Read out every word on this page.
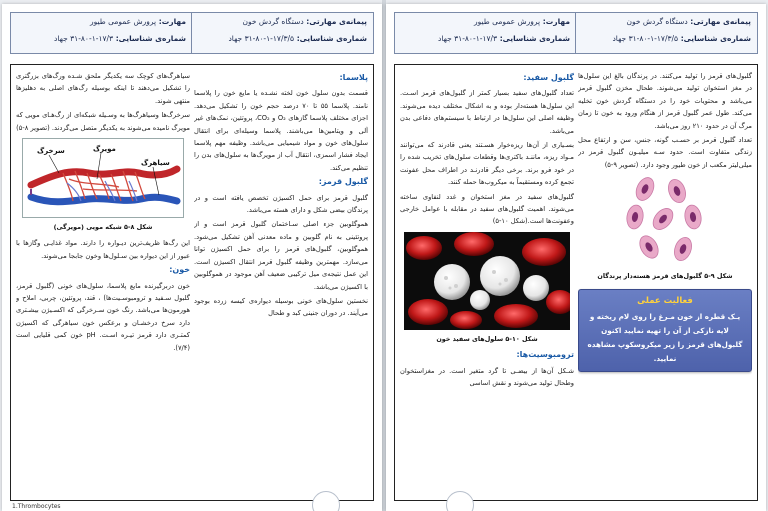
پیمانه‌ی مهارتی: دستگاه گردش خون
شماره‌ی شناسایی: ۱۷/۳/۵-۱-۸۰-۳۱ جهاد
مهارت: پرورش عمومی طیور
شماره‌ی شناسایی: ۱۷/۳-۱-۸۰-۳۱ جهاد
پلاسما:

قسمت بدون سلول خون لخته نشـده یا مایع خون را پلاسما نامند. پلاسما ۵۵ تا ۷۰ درصد حجم خون را تشکیل می‌دهد. اجزای مختلف پلاسما گازهای O₂ و CO₂، پروتئین، نمک‌های غیر آلی و ویتامین‌ها می‌باشند. پلاسما وسیله‌ای برای انتقال سلول‌های خون و مواد شیمیایی می‌باشد. وظیفه مهم پلاسما ایجاد فشار اسمزی، انتقال آب از مویرگ‌ها به سلول‌های بدن را تنظیم می‌کند.

گلبول قرمز:

گلبول قرمز برای حمل اکسیژن تخصص یافته است و در پرندگان بیضی شکل و دارای هسته می‌باشد.

هموگلوبین جزء اصلی سـاختمان گلبول قرمز است و از پروتئینی به نام گلوبین و ماده معدنی آهن تشکیل می‌شود. هموگلوبین، گلبول‌های قرمز را برای حمل اکسیژن توانا می‌سازد. مهمترین وظیفه گلبول قرمز انتقال اکسیژن است. این عمل نتیجه‌ی میل ترکیبی ضعیف آهن موجود در هموگلوبین با اکسیژن می‌باشد.

نخستین سلول‌های خونی بوسیله دیواره‌ی کیسه زرده بوجود می‌آیند. در دوران جنینی کبد و طحال

سیاهرگ‌های کوچک سه یکدیگر ملحق شـده ورگ‌های بزرگتری را تشکیل می‌دهند تا اینکه بوسیله رگ‌های اصلی به دهلیزها منتهی شوند.

سرخرگ‌ها وسیاهرگ‌ها به وسـیله شبکه‌ای از رگ‌هـای مویی که مویرگ نامیده می‌شوند به یکدیگر متصل می‌گردند. (تصویر ۸-۵)

سرخرگ	مویرگ
سیاهرگ
شکل ۸-۵ شبکه مویی (مویرگی)

این رگ‌ها ظریف‌ترین دیـواره را دارند. مواد غذایـی وگازها با عبور از این دیواره بین سـلول‌ها وخون جابجا می‌شوند.

خون:

خون دربرگیرنده مایع پلاسما، سلول‌های خونی (گلبول قرمز، گلبول سـفید و ترومبوسـیت‌ها) ، قند، پروتئین، چربی، املاح و هورمون‌ها می‌باشد. رنگ خون سـرخرگی که اکسـیژن بیشـتری دارد سرخ درخشـان و برعکس خون سیاهرگی که اکسیژن کمتـری دارد قرمز تیـره اسـت. pH خون کمی قلیایی است (۷/۴).

1.Thrombocytes
پیمانه‌ی مهارتی: دستگاه گردش خون
شماره‌ی شناسایی: ۱۷/۳/۵-۱-۸۰-۳۱ جهاد
مهارت: پرورش عمومی طیور
شماره‌ی شناسایی: ۱۷/۳-۱-۸۰-۳۱ جهاد

گلبول‌های قرمز را تولید می‌کنند. در پرندگان بالغ این سلول‌ها در مغز استخوان تولید می‌شوند. طحال مخزن گلبول قرمز می‌باشد و محتویات خود را در دستگاه گردش خون تخلیه می‌کند. طول عمر گلبول قرمز از هنگام ورود به خون تا زمان مرگ آن در حدود ۲۱۰ روز می‌باشد.

تعداد گلبول قرمز بر حسـب گونه، جنس، سن و ارتفاع محل زندگی متفاوت است. حدود سـه میلیـون گلبول قرمز در میلی‌لیتر مکعب از خون طیور وجود دارد. (تصویر ۹-۵)

شکل ۹-۵ گلبول‌های قرمز هسته‌دار پرندگان
فعالیت عملی
یـک قطره از خون مـرغ را روی لام ریخته و لایه نازکی از آن را تهیه نمایید اکنون گلبول‌های قرمز را زیر میکروسکوپ مشاهده نمایید.
گلبول سفید:

تعداد گلبول‌های سفید بسیار کمتر از گلبول‌های قرمز اسـت. این سلول‌ها هسته‌دار بوده و به اشکال مختلف دیده می‌شوند. وظیفه اصلی این سلول‌ها در ارتباط با سیستم‌های دفاعی بدن می‌باشد.

بسـیاری از آن‌ها ریزه‌خوار هسـتند یعنی قادرند که می‌توانند مـواد ریزه، ماننـد باکتری‌ها وقطعات سلول‌های تخریب شده را در خود فرو برند. برخی دیگر قادرنـد در اطراف محل عفونت تجمع کرده ومستقیماً به میکروب‌ها حمله کنند.

گلبول‌های سفید در مغز استخوان و غدد لنفاوی ساخته می‌شوند. اهمیت گلبول‌های سفید در مقابله با عوامل خارجی وعفونت‌ها است.(شکل ۱۰-۵)

شکل ۱۰-۵ سلول‌های سفید خون
ترومبوسیت‌ها:

شـكل آن‌ها از بیضـی تا گرد متغیر است. در مغزاستخوان وطحال تولید می‌شوند و نقش اساسی
